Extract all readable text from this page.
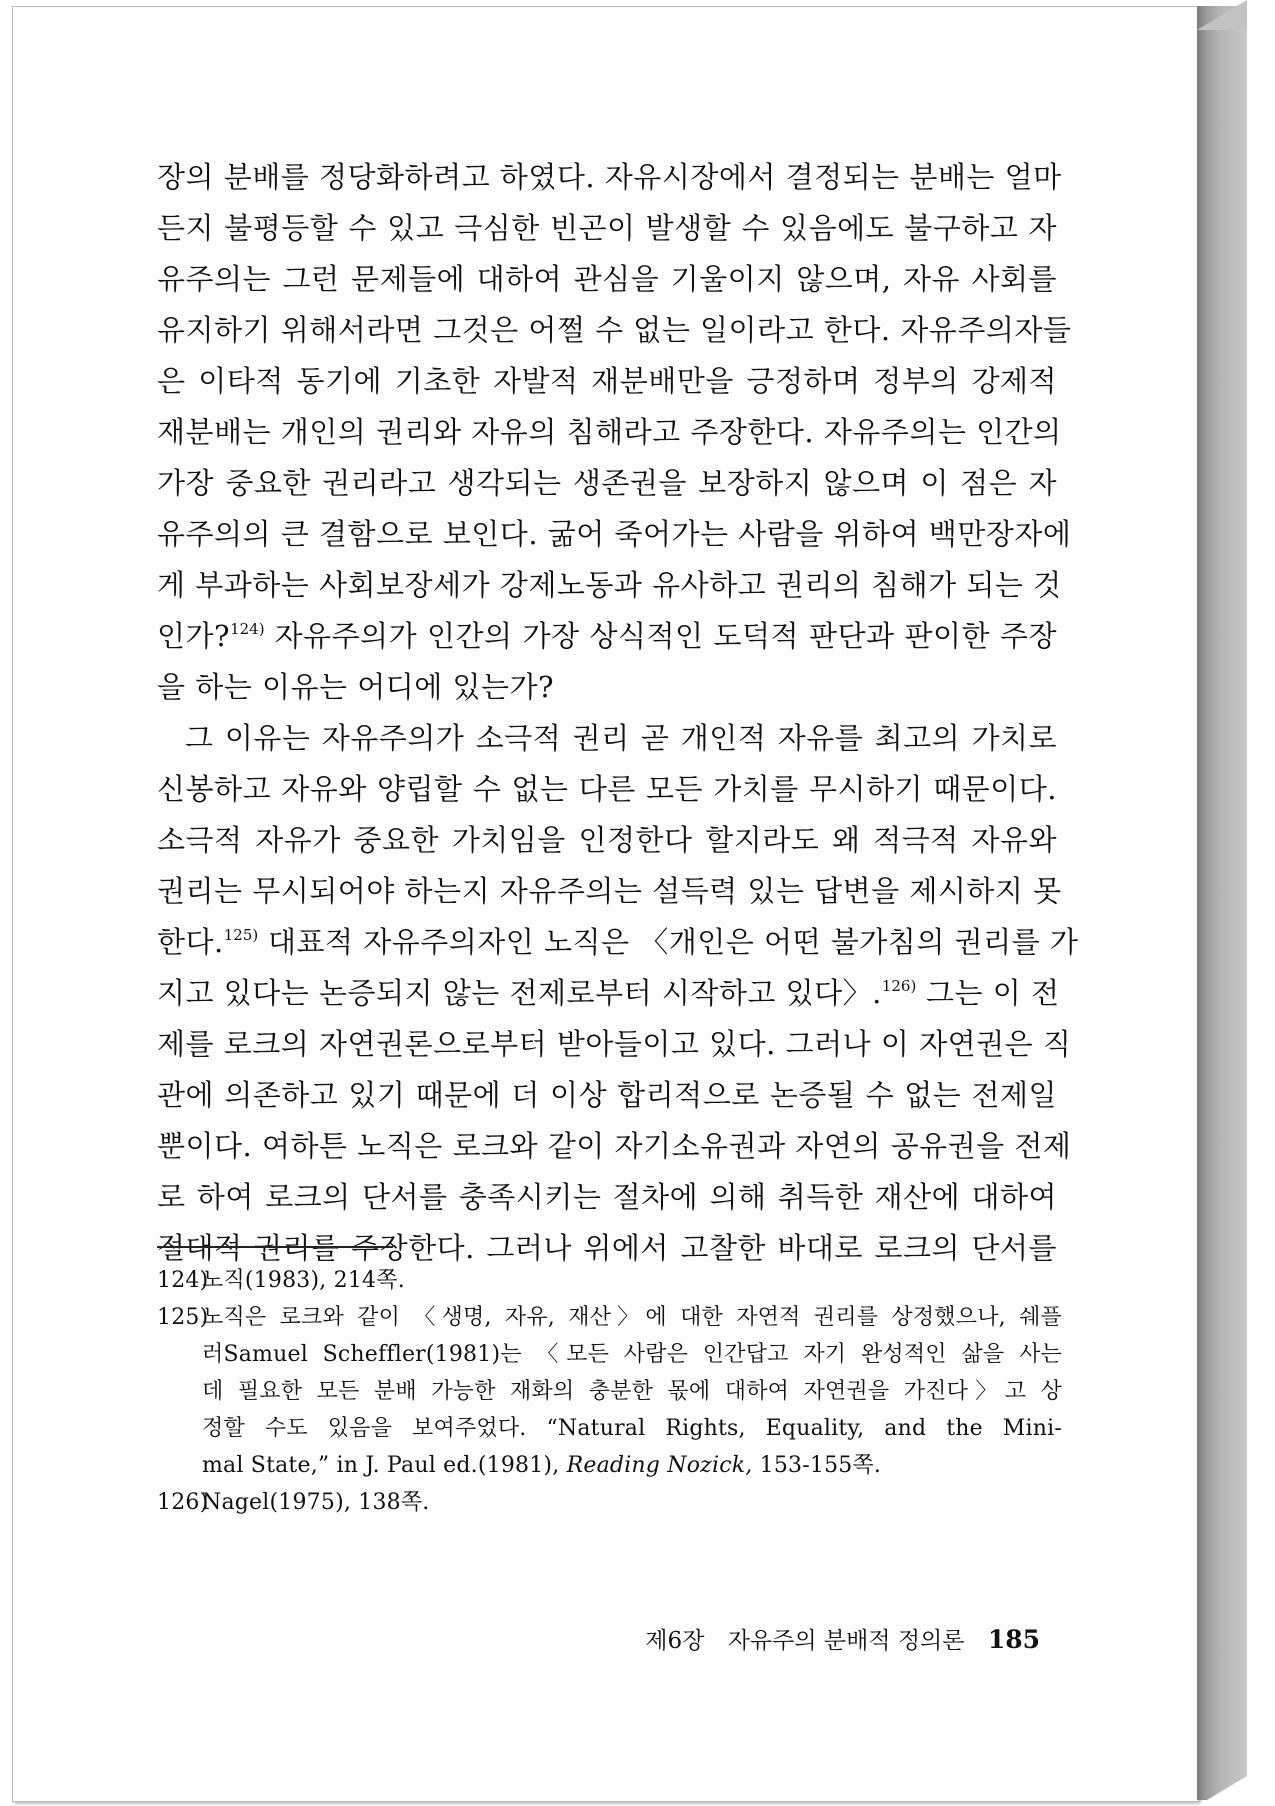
장의 분배를 정당화하려고 하였다. 자유시장에서 결정되는 분배는 얼마
든지 불평등할 수 있고 극심한 빈곤이 발생할 수 있음에도 불구하고 자
유주의는 그런 문제들에 대하여 관심을 기울이지 않으며, 자유 사회를
유지하기 위해서라면 그것은 어쩔 수 없는 일이라고 한다. 자유주의자들
은 이타적 동기에 기초한 자발적 재분배만을 긍정하며 정부의 강제적
재분배는 개인의 권리와 자유의 침해라고 주장한다. 자유주의는 인간의
가장 중요한 권리라고 생각되는 생존권을 보장하지 않으며 이 점은 자
유주의의 큰 결함으로 보인다. 굶어 죽어가는 사람을 위하여 백만장자에
게 부과하는 사회보장세가 강제노동과 유사하고 권리의 침해가 되는 것
인가?$^{124)}$ 자유주의가 인간의 가장 상식적인 도덕적 판단과 판이한 주장
을 하는 이유는 어디에 있는가?
그 이유는 자유주의가 소극적 권리 곧 개인적 자유를 최고의 가치로
신봉하고 자유와 양립할 수 없는 다른 모든 가치를 무시하기 때문이다.
소극적 자유가 중요한 가치임을 인정한다 할지라도 왜 적극적 자유와
권리는 무시되어야 하는지 자유주의는 설득력 있는 답변을 제시하지 못
한다.$^{125)}$ 대표적 자유주의자인 노직은 〈개인은 어떤 불가침의 권리를 가
지고 있다는 논증되지 않는 전제로부터 시작하고 있다〉.$^{126)}$ 그는 이 전
제를 로크의 자연권론으로부터 받아들이고 있다. 그러나 이 자연권은 직
관에 의존하고 있기 때문에 더 이상 합리적으로 논증될 수 없는 전제일
뿐이다. 여하튼 노직은 로크와 같이 자기소유권과 자연의 공유권을 전제
로 하여 로크의 단서를 충족시키는 절차에 의해 취득한 재산에 대하여
절대적 권리를 주장한다. 그러나 위에서 고찰한 바대로 로크의 단서를
124)노직(1983), 214쪽.
125)노직은 로크와 같이 〈생명, 자유, 재산〉에 대한 자연적 권리를 상정했으나, 쉐플
러Samuel Scheffler(1981)는 〈모든 사람은 인간답고 자기 완성적인 삶을 사는
데 필요한 모든 분배 가능한 재화의 충분한 몫에 대하여 자연권을 가진다〉고 상
정할 수도 있음을 보여주었다. “Natural Rights, Equality, and the Mini-
mal State,” in J. Paul ed.(1981), Reading Nozick, 153-155쪽.
126)Nagel(1975), 138쪽.
제6장 자유주의 분배적 정의론 185
